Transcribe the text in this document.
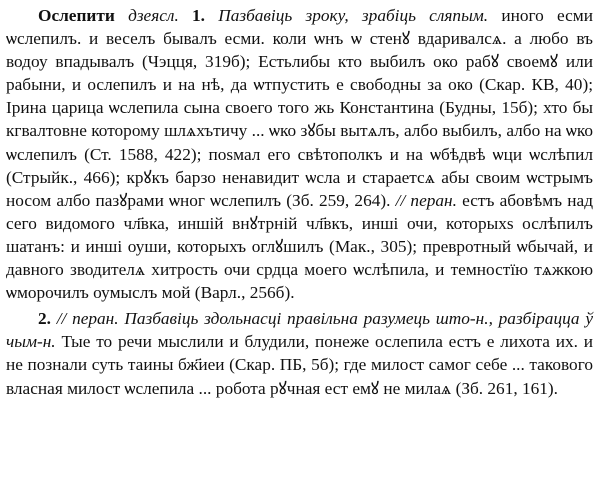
Ослепити дзеясл. 1. Пазбавіць зроку, зрабіць сляпым. иного есми ѡслепилъ. и веселъ бывалъ есми. коли ѡнъ ѡ стенꙋ вдаривалсѧ. а любо въ водоу впадывалъ (Чэцця, 319б); Естьлибы кто выбилъ око рабꙋ своемꙋ или рабыни, и ослепилъ и на нѣ, да ѡтпустить е свободны за око (Скар. КВ, 40); Ірина царица ѡслепила сына своего того жь Константина (Будны, 15б); хто бы кгвалтовне которому шлѧхътичу ... ѡко зꙋбы вытѧлъ, албо выбилъ, албо на ѡко ѡслепилъ (Ст. 1588, 422); поsмал его свѣтополкъ и на ѡбѣдвѣ ѡци ѡслѣпил (Стрыйк., 466); крꙋкъ барзо ненавидит ѡсла и стараетсѧ абы своим ѡстрымъ носом албо пазꙋрами ѡног ѡслепилъ (Зб. 259, 264). // перан. естъ абовѣмъ над сего видомого чл҃вка, иншій внꙋтрній чл҃вкъ, инші очи, которыхs ослѣпилъ шатанъ: и инші оуши, которыхъ оглꙋшилъ (Мак., 305); превротный ѡбычай, и давного зводителѧ хитрость очи срдца моего ѡслѣпила, и темностїю тѧжкою ѡморочилъ оумыслъ мой (Варл., 256б).

2. // перан. Пазбавіць здольнасці правільна разумець што-н., разбірацца ў чым-н. Тые то речи мыслили и блудили, понеже ослепила естъ е лихота их. и не познали суть таины бж҃иеи (Скар. ПБ, 5б); где милост самог себе ... такового власная милост ѡслепила ... робота рꙋчная ест емꙋ не милаѧ (Зб. 261, 161).
